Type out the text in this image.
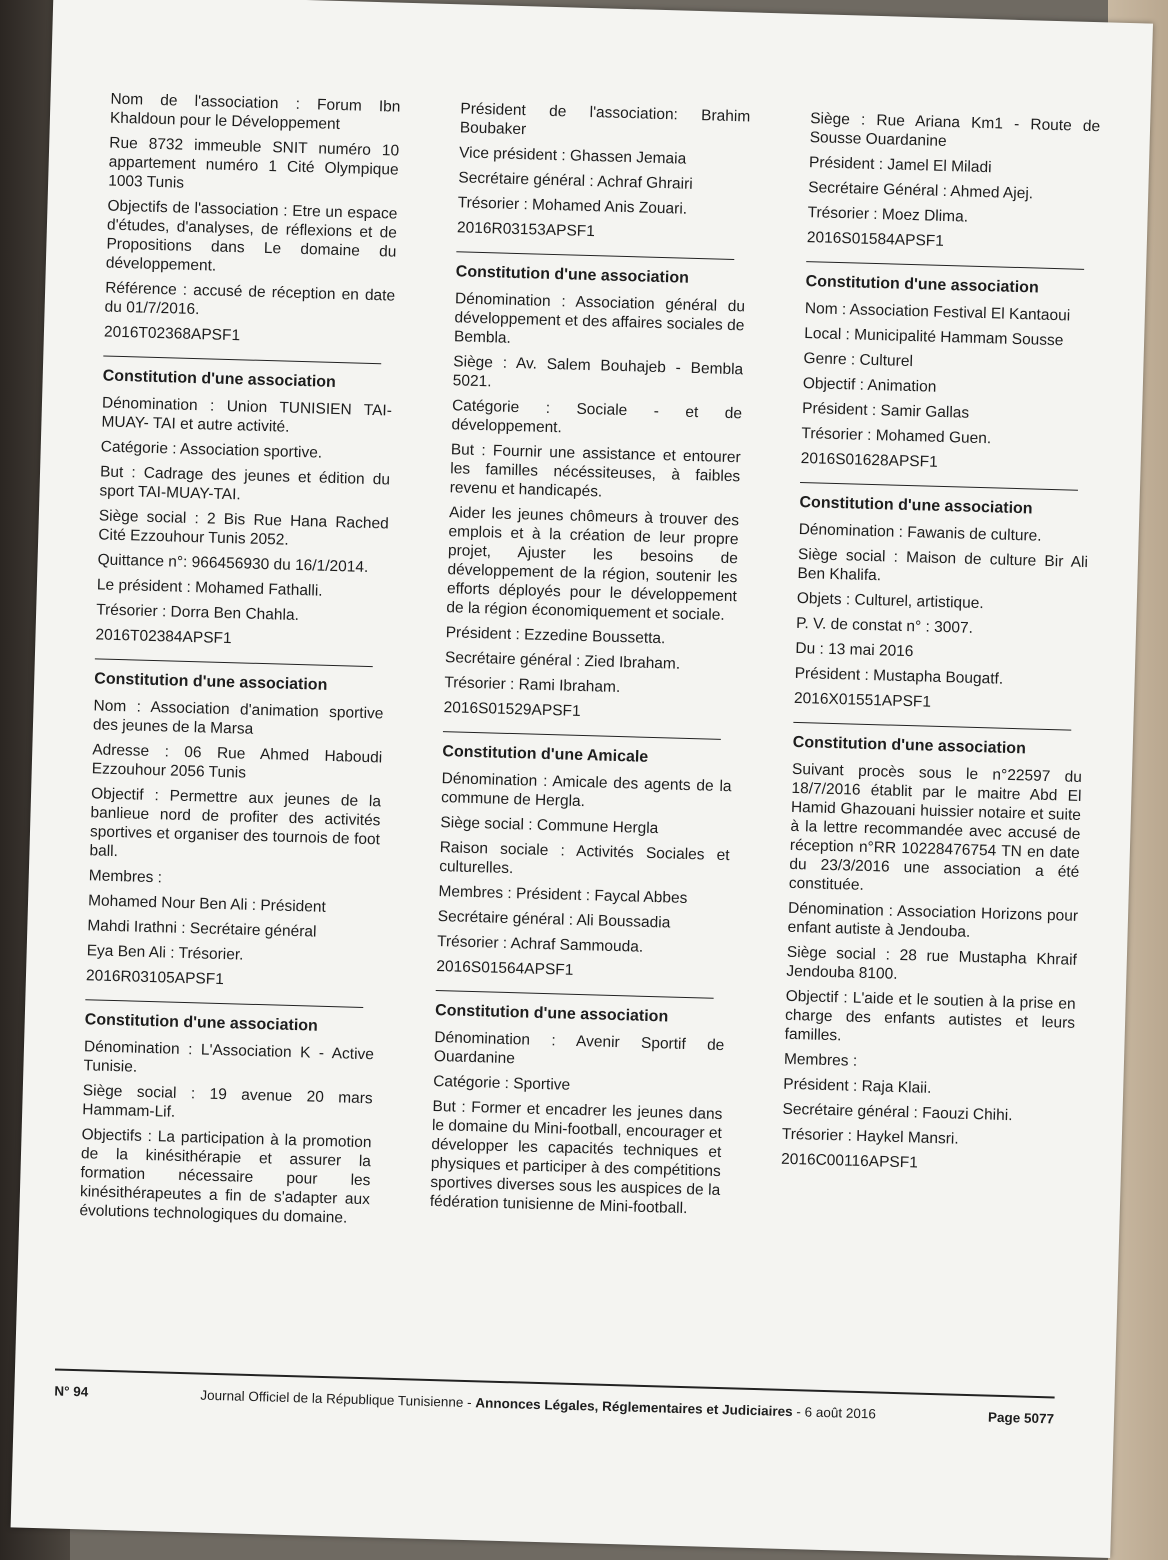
Nom de l'association : Forum Ibn Khaldoun pour le Développement

Rue 8732 immeuble SNIT numéro 10 appartement numéro 1 Cité Olympique 1003 Tunis

Objectifs de l'association : Etre un espace d'études, d'analyses, de réflexions et de Propositions dans Le domaine du développement.

Référence : accusé de réception en date du 01/7/2016.

2016T02368APSF1
Constitution d'une association

Dénomination : Union TUNISIEN TAI-MUAY- TAI et autre activité.

Catégorie : Association sportive.

But : Cadrage des jeunes et édition du sport TAI-MUAY-TAI.

Siège social : 2 Bis Rue Hana Rached Cité Ezzouhour Tunis 2052.

Quittance n°: 966456930 du 16/1/2014.

Le président : Mohamed Fathalli.

Trésorier : Dorra Ben Chahla.

2016T02384APSF1
Constitution d'une association

Nom : Association d'animation sportive des jeunes de la Marsa

Adresse : 06 Rue Ahmed Haboudi Ezzouhour 2056 Tunis

Objectif : Permettre aux jeunes de la banlieue nord de profiter des activités sportives et organiser des tournois de foot ball.

Membres :

Mohamed Nour Ben Ali : Président

Mahdi Irathni : Secrétaire général

Eya Ben Ali : Trésorier.

2016R03105APSF1
Constitution d'une association

Dénomination : L'Association K - Active Tunisie.

Siège social : 19 avenue 20 mars Hammam-Lif.

Objectifs : La participation à la promotion de la kinésithérapie et assurer la formation nécessaire pour les kinésithérapeutes a fin de s'adapter aux évolutions technologiques du domaine.

Président de l'association: Brahim Boubaker

Vice président : Ghassen Jemaia

Secrétaire général : Achraf Ghrairi

Trésorier : Mohamed Anis Zouari.

2016R03153APSF1
Constitution d'une association

Dénomination : Association général du développement et des affaires sociales de Bembla.

Siège : Av. Salem Bouhajeb - Bembla 5021.

Catégorie : Sociale - et de développement.

But : Fournir une assistance et entourer les familles nécéssiteuses, à faibles revenu et handicapés.

Aider les jeunes chômeurs à trouver des emplois et à la création de leur propre projet, Ajuster les besoins de développement de la région, soutenir les efforts déployés pour le développement de la région économiquement et sociale.

Président : Ezzedine Boussetta.

Secrétaire général : Zied Ibraham.

Trésorier : Rami Ibraham.

2016S01529APSF1
Constitution d'une Amicale

Dénomination : Amicale des agents de la commune de Hergla.

Siège social : Commune Hergla

Raison sociale : Activités Sociales et culturelles.

Membres : Président : Faycal Abbes

Secrétaire général : Ali Boussadia

Trésorier : Achraf Sammouda.

2016S01564APSF1
Constitution d'une association

Dénomination : Avenir Sportif de Ouardanine

Catégorie : Sportive

But : Former et encadrer les jeunes dans le domaine du Mini-football, encourager et développer les capacités techniques et physiques et participer à des compétitions sportives diverses sous les auspices de la fédération tunisienne de Mini-football.

Siège : Rue Ariana Km1 - Route de Sousse Ouardanine

Président : Jamel El Miladi

Secrétaire Général : Ahmed Ajej.

Trésorier : Moez Dlima.

2016S01584APSF1
Constitution d'une association

Nom : Association Festival El Kantaoui

Local : Municipalité Hammam Sousse

Genre : Culturel

Objectif : Animation

Président : Samir Gallas

Trésorier : Mohamed Guen.

2016S01628APSF1
Constitution d'une association

Dénomination : Fawanis de culture.

Siège social : Maison de culture Bir Ali Ben Khalifa.

Objets : Culturel, artistique.

P. V. de constat n° : 3007.

Du : 13 mai 2016

Président : Mustapha Bougatf.

2016X01551APSF1
Constitution d'une association

Suivant procès sous le n°22597 du 18/7/2016 établit par le maitre Abd El Hamid Ghazouani huissier notaire et suite à la lettre recommandée avec accusé de réception n°RR 10228476754 TN en date du 23/3/2016 une association a été constituée.

Dénomination : Association Horizons pour enfant autiste à Jendouba.

Siège social : 28 rue Mustapha Khraif Jendouba 8100.

Objectif : L'aide et le soutien à la prise en charge des enfants autistes et leurs familles.

Membres :

Président : Raja Klaii.

Secrétaire général : Faouzi Chihi.

Trésorier : Haykel Mansri.

2016C00116APSF1
N° 94	Journal Officiel de la République Tunisienne - Annonces Légales, Réglementaires et Judiciaires - 6 août 2016	Page 5077
